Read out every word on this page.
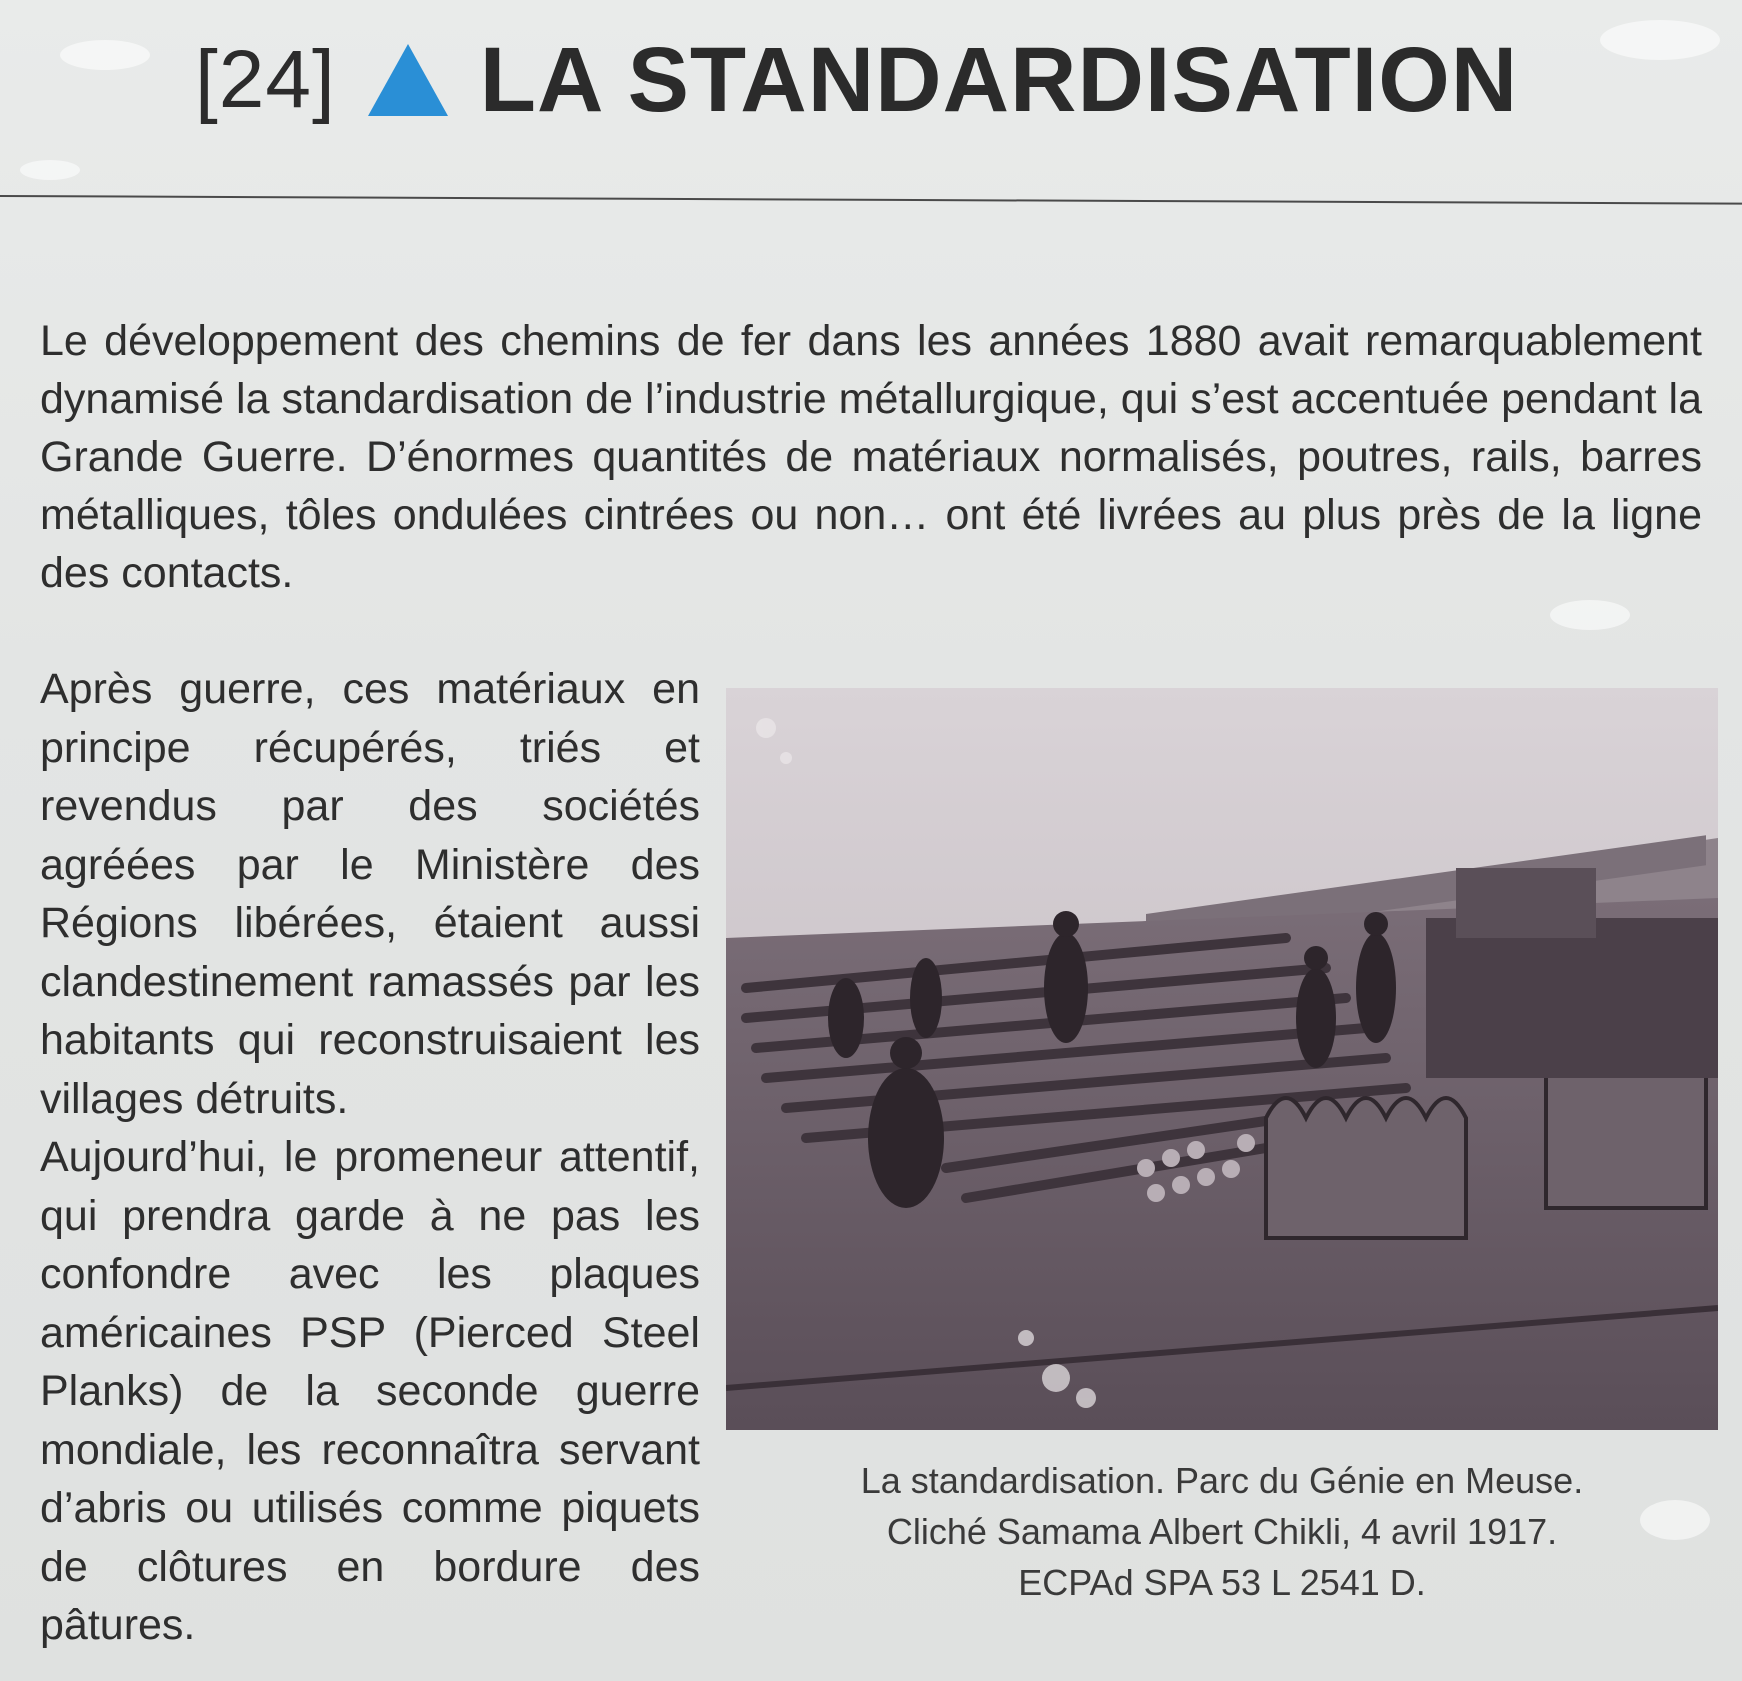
[24] LA STANDARDISATION

Le développement des chemins de fer dans les années 1880 avait remarquablement dynamisé la standardisation de l’industrie métallurgique, qui s’est accentuée pendant la Grande Guerre. D’énormes quantités de matériaux normalisés, poutres, rails, barres métalliques, tôles ondulées cintrées ou non… ont été livrées au plus près de la ligne des contacts.

Après guerre, ces matériaux en principe récupérés, triés et revendus par des sociétés agréées par le Ministère des Régions libérées, étaient aussi clandestinement ramassés par les habitants qui reconstruisaient les villages détruits.

Aujourd’hui, le promeneur attentif, qui prendra garde à ne pas les confondre avec les plaques américaines PSP (Pierced Steel Planks) de la seconde guerre mondiale, les reconnaîtra servant d’abris ou utilisés comme piquets de clôtures en bordure des pâtures.

La standardisation. Parc du Génie en Meuse.
Cliché Samama Albert Chikli, 4 avril 1917.
ECPAd SPA 53 L 2541 D.
